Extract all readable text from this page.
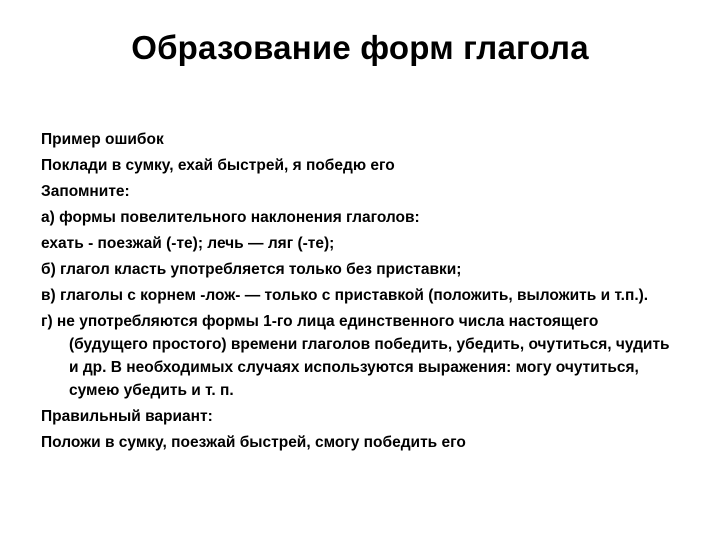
Образование форм глагола
Пример ошибок
Поклади в сумку, ехай быстрей, я победю его
Запомните:
а) формы повелительного наклонения глаголов:
ехать - поезжай (-те); лечь — ляг (-те);
б) глагол класть употребляется только без приставки;
в) глаголы с корнем -лож- — только с приставкой (положить, выложить и т.п.).
г) не употребляются формы 1-го лица единственного числа настоящего (будущего простого) времени глаголов победить, убедить, очутиться, чудить и др. В необходимых случаях используются выражения: могу очутиться, сумею убедить и т. п.
Правильный вариант:
Положи в сумку, поезжай быстрей, смогу победить его
